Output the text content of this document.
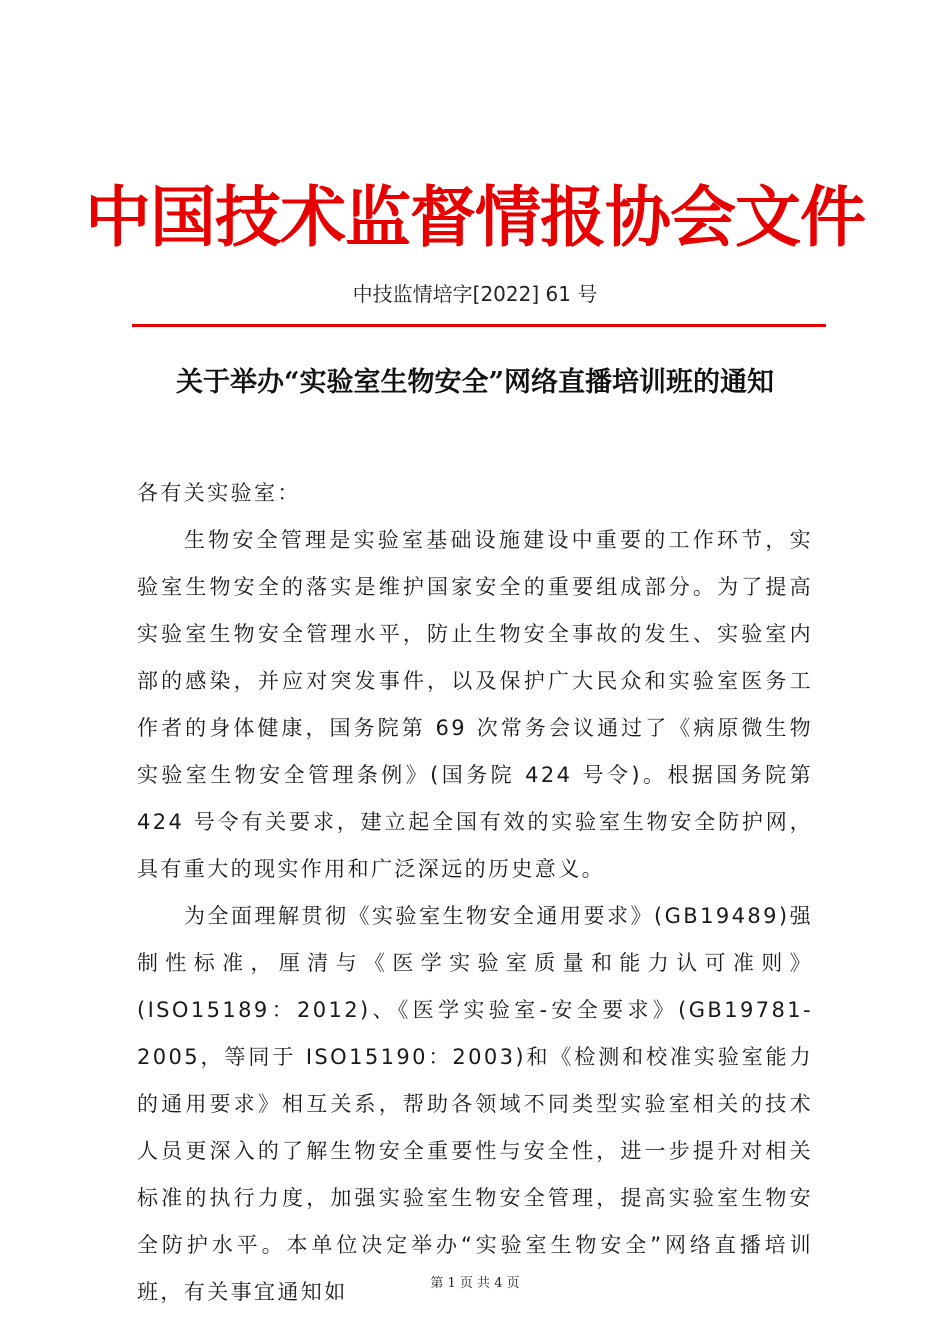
中国技术监督情报协会文件
中技监情培字[2022] 61 号
关于举办“实验室生物安全”网络直播培训班的通知

各有关实验室：

生物安全管理是实验室基础设施建设中重要的工作环节，实验室生物安全的落实是维护国家安全的重要组成部分。为了提高实验室生物安全管理水平，防止生物安全事故的发生、实验室内部的感染，并应对突发事件，以及保护广大民众和实验室医务工作者的身体健康，国务院第 69 次常务会议通过了《病原微生物实验室生物安全管理条例》(国务院 424 号令)。根据国务院第 424 号令有关要求，建立起全国有效的实验室生物安全防护网，具有重大的现实作用和广泛深远的历史意义。

为全面理解贯彻《实验室生物安全通用要求》(GB19489)强制性标准，厘清与《医学实验室质量和能力认可准则》(ISO15189：2012)、《医学实验室-安全要求》(GB19781-2005，等同于 ISO15190：2003)和《检测和校准实验室能力的通用要求》相互关系，帮助各领域不同类型实验室相关的技术人员更深入的了解生物安全重要性与安全性，进一步提升对相关标准的执行力度，加强实验室生物安全管理，提高实验室生物安全防护水平。本单位决定举办“实验室生物安全”网络直播培训班，有关事宜通知如	第 1 页 共 4 页
